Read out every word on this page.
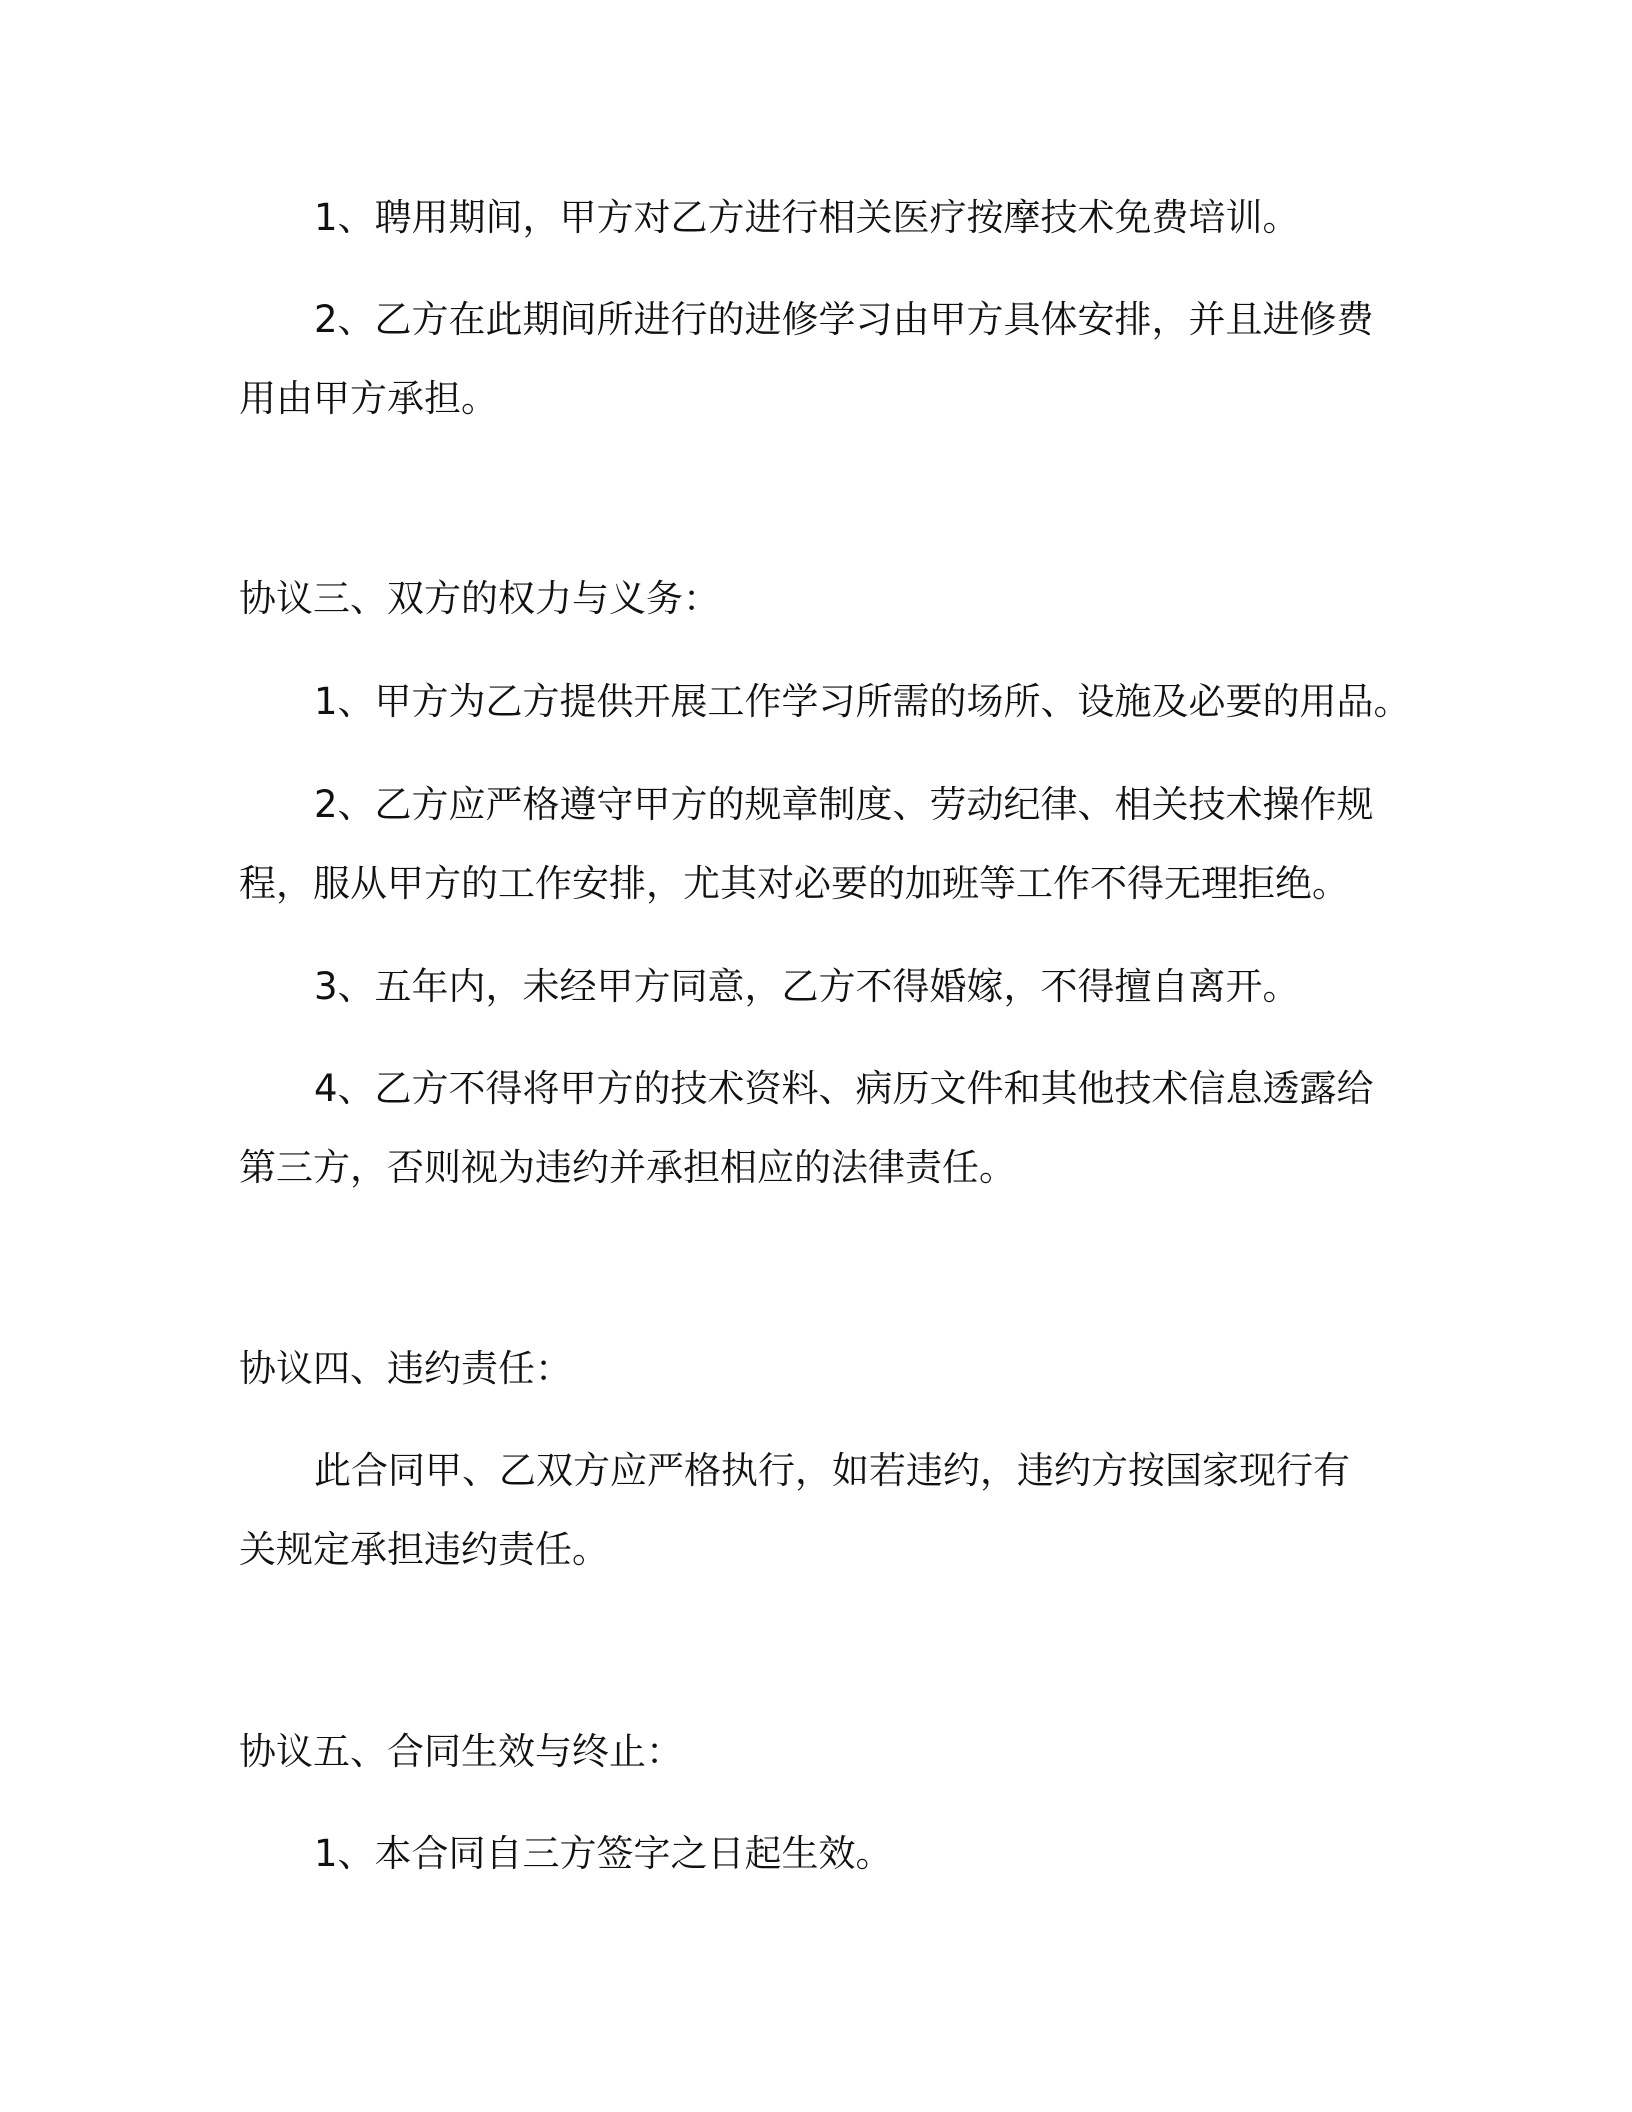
1、聘用期间，甲方对乙方进行相关医疗按摩技术免费培训。
2、乙方在此期间所进行的进修学习由甲方具体安排，并且进修费
用由甲方承担。
协议三、双方的权力与义务：
1、甲方为乙方提供开展工作学习所需的场所、设施及必要的用品。
2、乙方应严格遵守甲方的规章制度、劳动纪律、相关技术操作规
程，服从甲方的工作安排，尤其对必要的加班等工作不得无理拒绝。
3、五年内，未经甲方同意，乙方不得婚嫁，不得擅自离开。
4、乙方不得将甲方的技术资料、病历文件和其他技术信息透露给
第三方，否则视为违约并承担相应的法律责任。
协议四、违约责任：
此合同甲、乙双方应严格执行，如若违约，违约方按国家现行有
关规定承担违约责任。
协议五、合同生效与终止：
1、本合同自三方签字之日起生效。
